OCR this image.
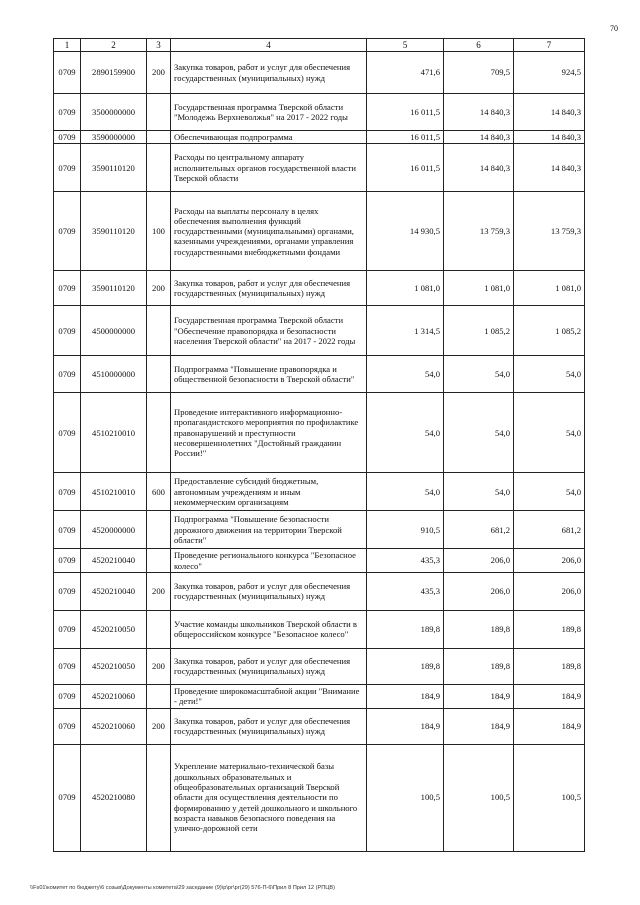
70
1	2	3	4	5	6	7
0709	2890159900	200	Закупка товаров, работ и услуг для обеспечения государственных (муниципальных) нужд	471,6	709,5	924,5
0709	3500000000		Государственная программа Тверской области "Молодежь Верхневолжья" на 2017 - 2022 годы	16 011,5	14 840,3	14 840,3
0709	3590000000		Обеспечивающая подпрограмма	16 011,5	14 840,3	14 840,3
0709	3590110120		Расходы по центральному аппарату исполнительных органов государственной власти Тверской области	16 011,5	14 840,3	14 840,3
0709	3590110120	100	Расходы на выплаты персоналу в целях обеспечения выполнения функций государственными (муниципальными) органами, казенными учреждениями, органами управления государственными внебюджетными фондами	14 930,5	13 759,3	13 759,3
0709	3590110120	200	Закупка товаров, работ и услуг для обеспечения государственных (муниципальных) нужд	1 081,0	1 081,0	1 081,0
0709	4500000000		Государственная программа Тверской области "Обеспечение правопорядка и безопасности населения Тверской области" на 2017 - 2022 годы	1 314,5	1 085,2	1 085,2
0709	4510000000		Подпрограмма "Повышение правопорядка и общественной безопасности в Тверской области"	54,0	54,0	54,0
0709	4510210010		Проведение интерактивного информационно-пропагандистского мероприятия по профилактике правонарушений и преступности несовершеннолетних "Достойный гражданин России!"	54,0	54,0	54,0
0709	4510210010	600	Предоставление субсидий бюджетным, автономным учреждениям и иным некоммерческим организациям	54,0	54,0	54,0
0709	4520000000		Подпрограмма "Повышение безопасности дорожного движения на территории Тверской области"	910,5	681,2	681,2
0709	4520210040		Проведение регионального конкурса "Безопасное колесо"	435,3	206,0	206,0
0709	4520210040	200	Закупка товаров, работ и услуг для обеспечения государственных (муниципальных) нужд	435,3	206,0	206,0
0709	4520210050		Участие команды школьников Тверской области в общероссийском конкурсе "Безопасное колесо"	189,8	189,8	189,8
0709	4520210050	200	Закупка товаров, работ и услуг для обеспечения государственных (муниципальных) нужд	189,8	189,8	189,8
0709	4520210060		Проведение широкомасштабной акции "Внимание - дети!"	184,9	184,9	184,9
0709	4520210060	200	Закупка товаров, работ и услуг для обеспечения государственных (муниципальных) нужд	184,9	184,9	184,9
0709	4520210080		Укрепление материально-технической базы дошкольных образовательных и общеобразовательных организаций Тверской области для осуществления деятельности по формированию у детей дошкольного и школьного возраста навыков безопасного поведения на улично-дорожной сети	100,5	100,5	100,5
\\Fs01\комитет по бюджету\6 созыв\Документы комитета\29 заседание (9)\р\рг\рг(29) 576-П-6\Прил 8 Прил 12 (РПЦВ)
